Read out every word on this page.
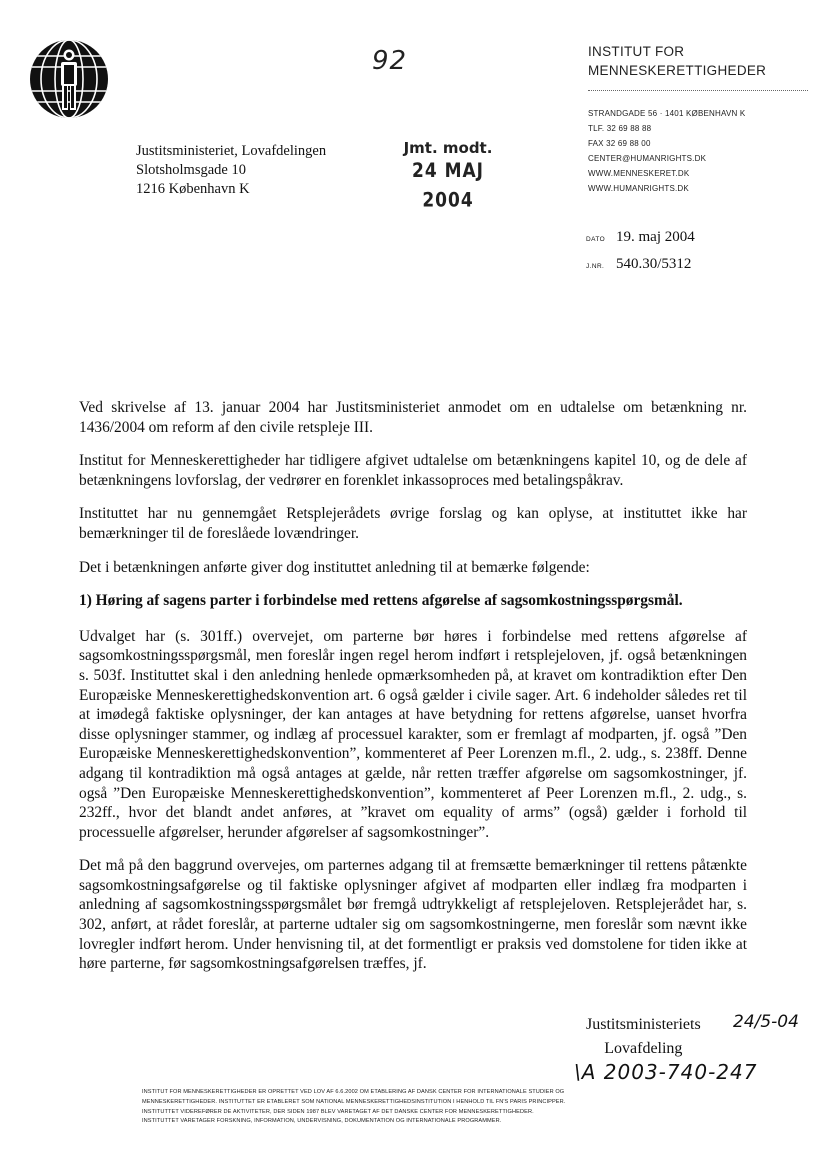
92	INSTITUT FOR
MENNESKERETTIGHEDER
STRANDGADE 56 · 1401 KØBENHAVN K
TLF. 32 69 88 88
FAX 32 69 88 00
CENTER@HUMANRIGHTS.DK
WWW.MENNESKERET.DK
WWW.HUMANRIGHTS.DK
Justitsministeriet, Lovafdelingen
Slotsholmsgade 10
1216 København K
Jmt. modt.
24 MAJ 2004
DATO 19. maj 2004
J.NR. 540.30/5312

Ved skrivelse af 13. januar 2004 har Justitsministeriet anmodet om en udtalelse om betænkning nr. 1436/2004 om reform af den civile retspleje III.

Institut for Menneskerettigheder har tidligere afgivet udtalelse om betænkningens kapitel 10, og de dele af betænkningens lovforslag, der vedrører en forenklet inkassoproces med betalingspåkrav.

Instituttet har nu gennemgået Retsplejerådets øvrige forslag og kan oplyse, at instituttet ikke har bemærkninger til de foreslåede lovændringer.

Det i betænkningen anførte giver dog instituttet anledning til at bemærke følgende:

1) Høring af sagens parter i forbindelse med rettens afgørelse af sagsomkostningsspørgsmål.

Udvalget har (s. 301ff.) overvejet, om parterne bør høres i forbindelse med rettens afgørelse af sagsomkostningsspørgsmål, men foreslår ingen regel herom indført i retsplejeloven, jf. også betænkningen s. 503f. Instituttet skal i den anledning henlede opmærksomheden på, at kravet om kontradiktion efter Den Europæiske Menneskerettighedskonvention art. 6 også gælder i civile sager. Art. 6 indeholder således ret til at imødegå faktiske oplysninger, der kan antages at have betydning for rettens afgørelse, uanset hvorfra disse oplysninger stammer, og indlæg af processuel karakter, som er fremlagt af modparten, jf. også ”Den Europæiske Menneskerettighedskonvention”, kommenteret af Peer Lorenzen m.fl., 2. udg., s. 238ff. Denne adgang til kontradiktion må også antages at gælde, når retten træffer afgørelse om sagsomkostninger, jf. også ”Den Europæiske Menneskerettighedskonvention”, kommenteret af Peer Lorenzen m.fl., 2. udg., s. 232ff., hvor det blandt andet anføres, at ”kravet om equality of arms” (også) gælder i forhold til processuelle afgørelser, herunder afgørelser af sagsomkostninger”.

Det må på den baggrund overvejes, om parternes adgang til at fremsætte bemærkninger til rettens påtænkte sagsomkostningsafgørelse og til faktiske oplysninger afgivet af modparten eller indlæg fra modparten i anledning af sagsomkostningsspørgsmålet bør fremgå udtrykkeligt af retsplejeloven. Retsplejerådet har, s. 302, anført, at rådet foreslår, at parterne udtaler sig om sagsomkostningerne, men foreslår som nævnt ikke lovregler indført herom. Under henvisning til, at det formentligt er praksis ved domstolene for tiden ikke at høre parterne, før sagsomkostningsafgørelsen træffes, jf.

Justitsministeriets
Lovafdeling
24/5-04
\A 2003-740-247
INSTITUT FOR MENNESKERETTIGHEDER ER OPRETTET VED LOV AF 6.6.2002 OM ETABLERING AF DANSK CENTER FOR INTERNATIONALE STUDIER OG
MENNESKERETTIGHEDER. INSTITUTTET ER ETABLERET SOM NATIONAL MENNESKERETTIGHEDSINSTITUTION I HENHOLD TIL FN'S PARIS PRINCIPPER.
INSTITUTTET VIDEREFØRER DE AKTIVITETER, DER SIDEN 1987 BLEV VARETAGET AF DET DANSKE CENTER FOR MENNESKERETTIGHEDER.
INSTITUTTET VARETAGER FORSKNING, INFORMATION, UNDERVISNING, DOKUMENTATION OG INTERNATIONALE PROGRAMMER.
